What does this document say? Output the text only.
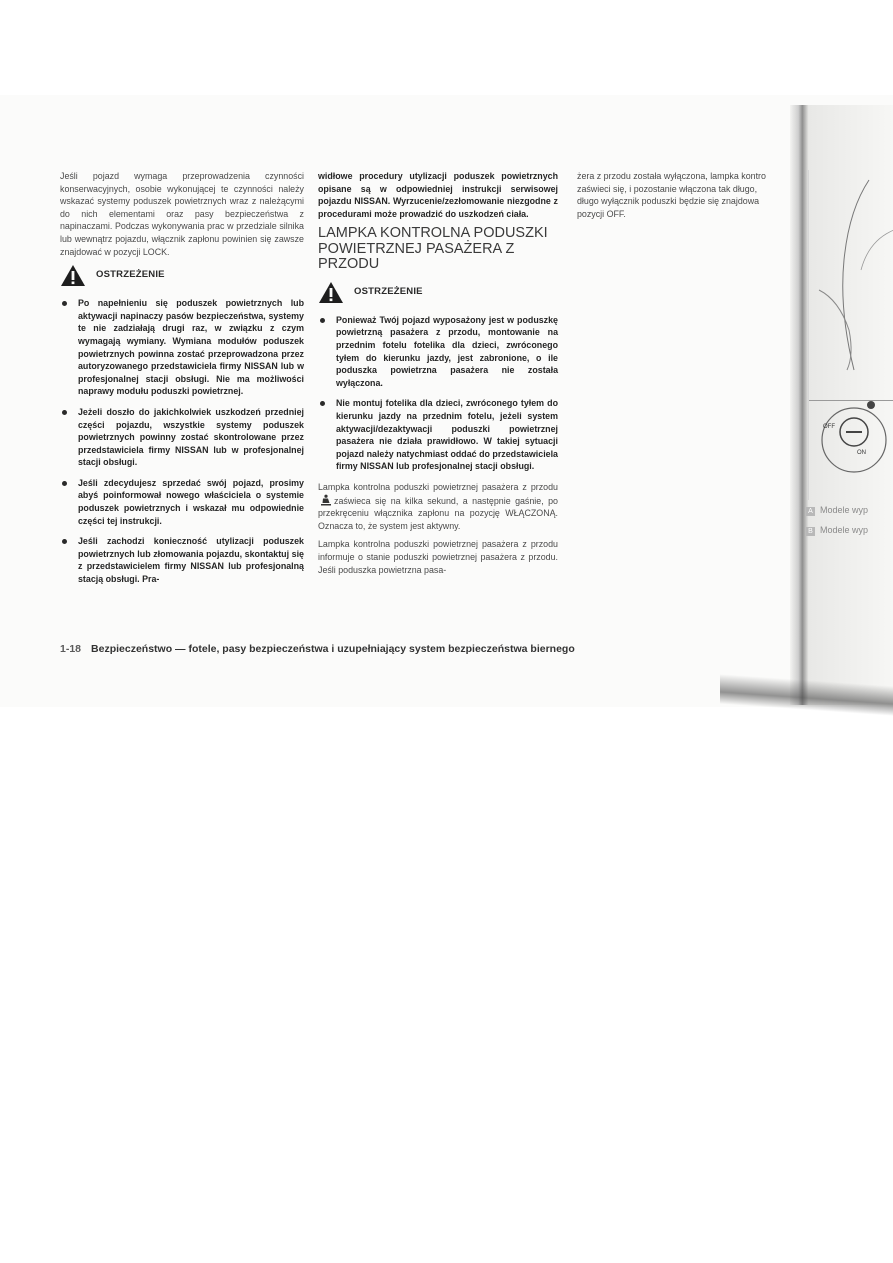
Jeśli pojazd wymaga przeprowadzenia czynności konserwacyjnych, osobie wykonującej te czynności należy wskazać systemy poduszek powietrznych wraz z należącymi do nich elementami oraz pasy bezpieczeństwa z napinaczami. Podczas wykonywania prac w przedziale silnika lub wewnątrz pojazdu, włącznik zapłonu powinien się zawsze znajdować w pozycji LOCK.

OSTRZEŻENIE
Po napełnieniu się poduszek powietrznych lub aktywacji napinaczy pasów bezpieczeństwa, systemy te nie zadziałają drugi raz, w związku z czym wymagają wymiany. Wymiana modułów poduszek powietrznych powinna zostać przeprowadzona przez autoryzowanego przedstawiciela firmy NISSAN lub w profesjonalnej stacji obsługi. Nie ma możliwości naprawy modułu poduszki powietrznej.
Jeżeli doszło do jakichkolwiek uszkodzeń przedniej części pojazdu, wszystkie systemy poduszek powietrznych powinny zostać skontrolowane przez przedstawiciela firmy NISSAN lub w profesjonalnej stacji obsługi.
Jeśli zdecydujesz sprzedać swój pojazd, prosimy abyś poinformował nowego właściciela o systemie poduszek powietrznych i wskazał mu odpowiednie części tej instrukcji.
Jeśli zachodzi konieczność utylizacji poduszek powietrznych lub złomowania pojazdu, skontaktuj się z przedstawicielem firmy NISSAN lub profesjonalną stacją obsługi. Pra-

widłowe procedury utylizacji poduszek powietrznych opisane są w odpowiedniej instrukcji serwisowej pojazdu NISSAN. Wyrzucenie/zezłomowanie niezgodne z procedurami może prowadzić do uszkodzeń ciała.

LAMPKA KONTROLNA PODUSZKI POWIETRZNEJ PASAŻERA Z PRZODU
OSTRZEŻENIE
Ponieważ Twój pojazd wyposażony jest w poduszkę powietrzną pasażera z przodu, montowanie na przednim fotelu fotelika dla dzieci, zwróconego tyłem do kierunku jazdy, jest zabronione, o ile poduszka powietrzna pasażera nie została wyłączona.
Nie montuj fotelika dla dzieci, zwróconego tyłem do kierunku jazdy na przednim fotelu, jeżeli system aktywacji/dezaktywacji poduszki powietrznej pasażera nie działa prawidłowo. W takiej sytuacji pojazd należy natychmiast oddać do przedstawiciela firmy NISSAN lub profesjonalnej stacji obsługi.

Lampka kontrolna poduszki powietrznej pasażera z przoduzaświeca się na kilka sekund, a następnie gaśnie, po przekręceniu włącznika zapłonu na pozycję WŁĄCZONĄ. Oznacza to, że system jest aktywny.

Lampka kontrolna poduszki powietrznej pasażera z przodu informuje o stanie poduszki powietrznej pasażera z przodu. Jeśli poduszka powietrzna pasa-

żera z przodu została wyłączona, lampka kontro

zaświeci się, i pozostanie włączona tak długo,

długo wyłącznik poduszki będzie się znajdowa

pozycji OFF.

OFF
ON
A Modele wyp
B Modele wyp
1-18 Bezpieczeństwo — fotele, pasy bezpieczeństwa i uzupełniający system bezpieczeństwa biernego
